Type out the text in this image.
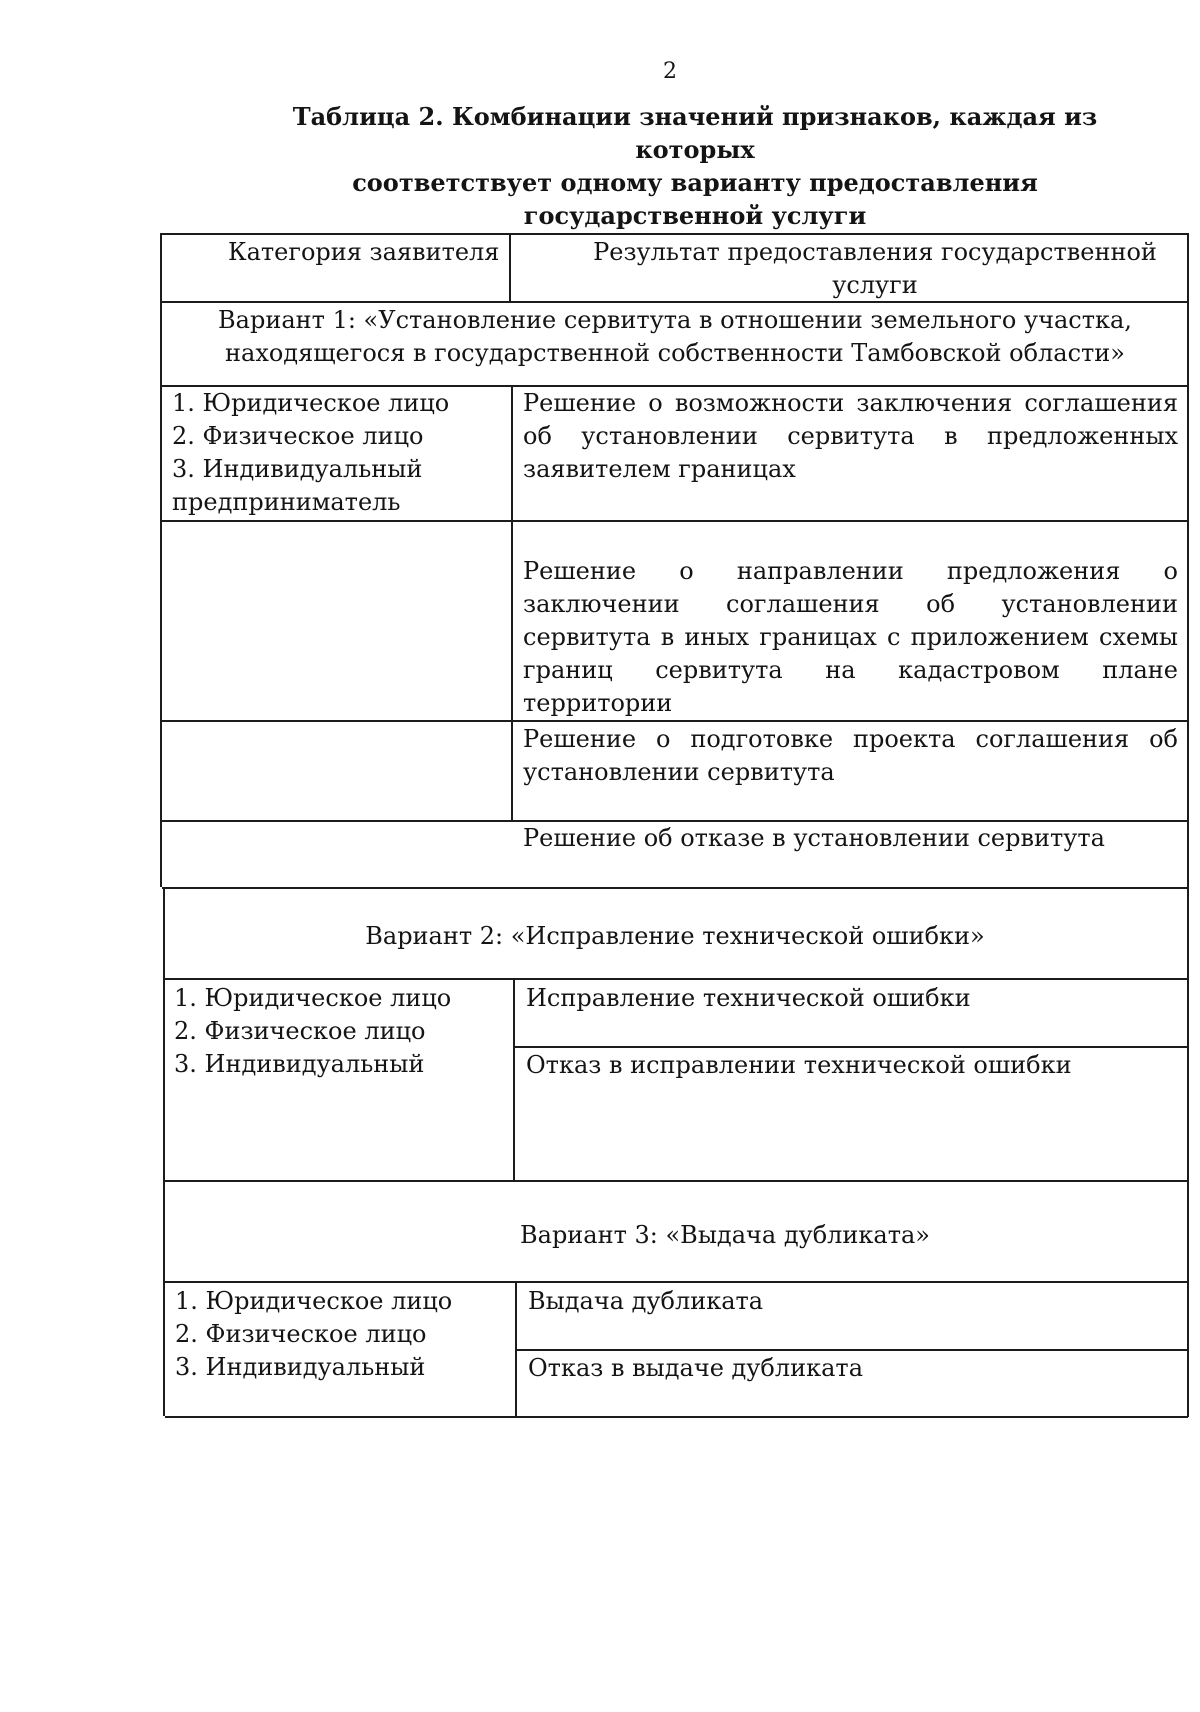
2
Таблица 2. Комбинации значений признаков, каждая из которых
соответствует одному варианту предоставления
государственной услуги
Категория заявителя	Результат предоставления государственной услуги
Вариант 1: «Установление сервитута в отношении земельного участка,
находящегося в государственной собственности Тамбовской области»
1. Юридическое лицо
2. Физическое лицо
3. Индивидуальный
предприниматель
Решение о возможности заключения соглашения об установлении сервитута в предложенных заявителем границах
Решение о направлении предложения о заключении соглашения об установлении сервитута в иных границах с приложением схемы границ сервитута на кадастровом плане территории
Решение о подготовке проекта соглашения об установлении сервитута
Решение об отказе в установлении сервитута
Вариант 2: «Исправление технической ошибки»
1. Юридическое лицо
2. Физическое лицо
3. Индивидуальный
Исправление технической ошибки
Отказ в исправлении технической ошибки
Вариант 3: «Выдача дубликата»
1. Юридическое лицо
2. Физическое лицо
3. Индивидуальный
Выдача дубликата
Отказ в выдаче дубликата
